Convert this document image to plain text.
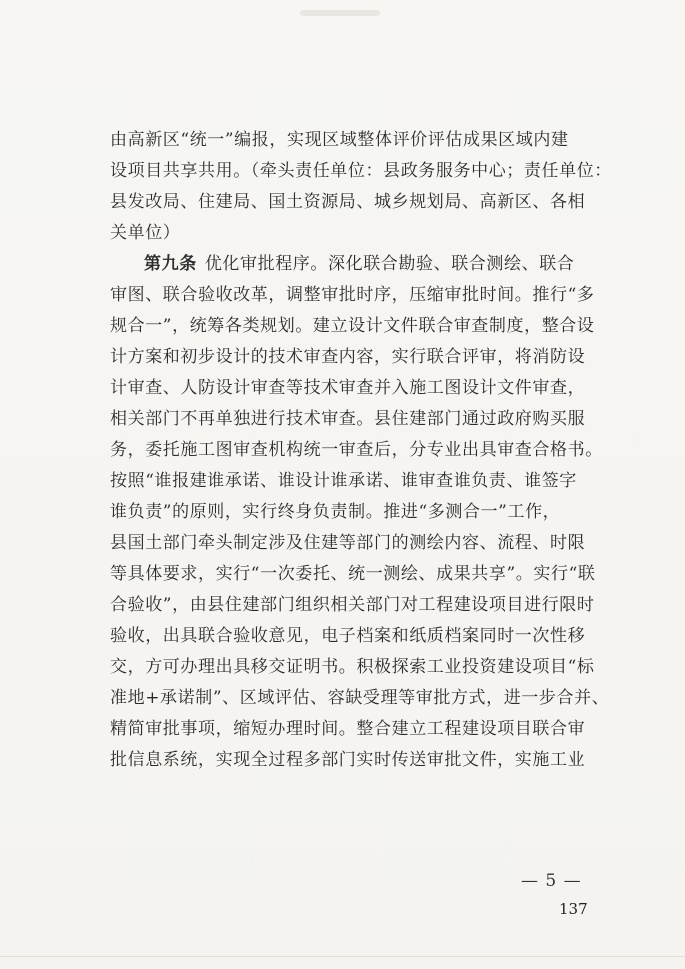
由高新区“统一”编报，实现区域整体评价评估成果区域内建
设项目共享共用。（牵头责任单位：县政务服务中心；责任单位：
县发改局、住建局、国土资源局、城乡规划局、高新区、各相
关单位）
第九条 优化审批程序。深化联合勘验、联合测绘、联合
审图、联合验收改革，调整审批时序，压缩审批时间。推行“多
规合一”，统筹各类规划。建立设计文件联合审查制度，整合设
计方案和初步设计的技术审查内容，实行联合评审，将消防设
计审查、人防设计审查等技术审查并入施工图设计文件审查，
相关部门不再单独进行技术审查。县住建部门通过政府购买服
务，委托施工图审查机构统一审查后，分专业出具审查合格书。
按照“谁报建谁承诺、谁设计谁承诺、谁审查谁负责、谁签字
谁负责”的原则，实行终身负责制。推进“多测合一”工作，
县国土部门牵头制定涉及住建等部门的测绘内容、流程、时限
等具体要求，实行“一次委托、统一测绘、成果共享”。实行“联
合验收”，由县住建部门组织相关部门对工程建设项目进行限时
验收，出具联合验收意见，电子档案和纸质档案同时一次性移
交，方可办理出具移交证明书。积极探索工业投资建设项目“标
准地+承诺制”、区域评估、容缺受理等审批方式，进一步合并、
精简审批事项，缩短办理时间。整合建立工程建设项目联合审
批信息系统，实现全过程多部门实时传送审批文件，实施工业
— 5 —
137
